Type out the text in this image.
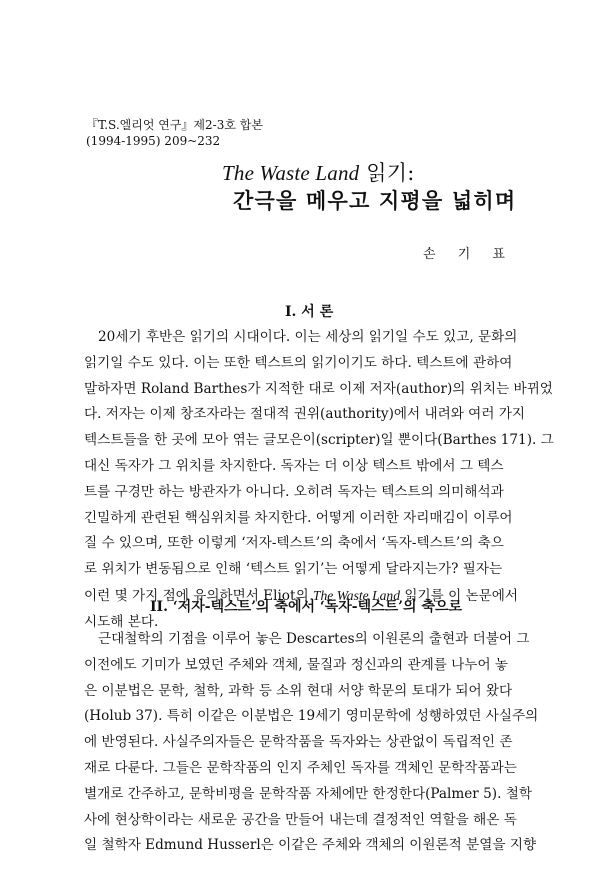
『T.S.엘리엇 연구』제2-3호 합본
(1994-1995) 209~232
The Waste Land 읽기:
간극을 메우고 지평을 넓히며
손 기 표
I. 서 론
20세기 후반은 읽기의 시대이다. 이는 세상의 읽기일 수도 있고, 문화의
읽기일 수도 있다. 이는 또한 텍스트의 읽기이기도 하다. 텍스트에 관하여
말하자면 Roland Barthes가 지적한 대로 이제 저자(author)의 위치는 바뀌었
다. 저자는 이제 창조자라는 절대적 권위(authority)에서 내려와 여러 가지
텍스트들을 한 곳에 모아 엮는 글모은이(scripter)일 뿐이다(Barthes 171). 그
대신 독자가 그 위치를 차지한다. 독자는 더 이상 텍스트 밖에서 그 텍스
트를 구경만 하는 방관자가 아니다. 오히려 독자는 텍스트의 의미해석과
긴밀하게 관련된 핵심위치를 차지한다. 어떻게 이러한 자리매김이 이루어
질 수 있으며, 또한 이렇게 ‘저자-텍스트’의 축에서 ‘독자-텍스트’의 축으
로 위치가 변동됨으로 인해 ‘텍스트 읽기’는 어떻게 달라지는가? 필자는
이런 몇 가지 점에 유의하면서 Eliot의 The Waste Land 읽기를 이 논문에서
시도해 본다.
II. ‘저자-텍스트’의 축에서 ‘독자-텍스트’의 축으로
근대철학의 기점을 이루어 놓은 Descartes의 이원론의 출현과 더불어 그
이전에도 기미가 보였던 주체와 객체, 물질과 정신과의 관계를 나누어 놓
은 이분법은 문학, 철학, 과학 등 소위 현대 서양 학문의 토대가 되어 왔다
(Holub 37). 특히 이같은 이분법은 19세기 영미문학에 성행하였던 사실주의
에 반영된다. 사실주의자들은 문학작품을 독자와는 상관없이 독립적인 존
재로 다룬다. 그들은 문학작품의 인지 주체인 독자를 객체인 문학작품과는
별개로 간주하고, 문학비평을 문학작품 자체에만 한정한다(Palmer 5). 철학
사에 현상학이라는 새로운 공간을 만들어 내는데 결정적인 역할을 해온 독
일 철학자 Edmund Husserl은 이같은 주체와 객체의 이원론적 분열을 지향
